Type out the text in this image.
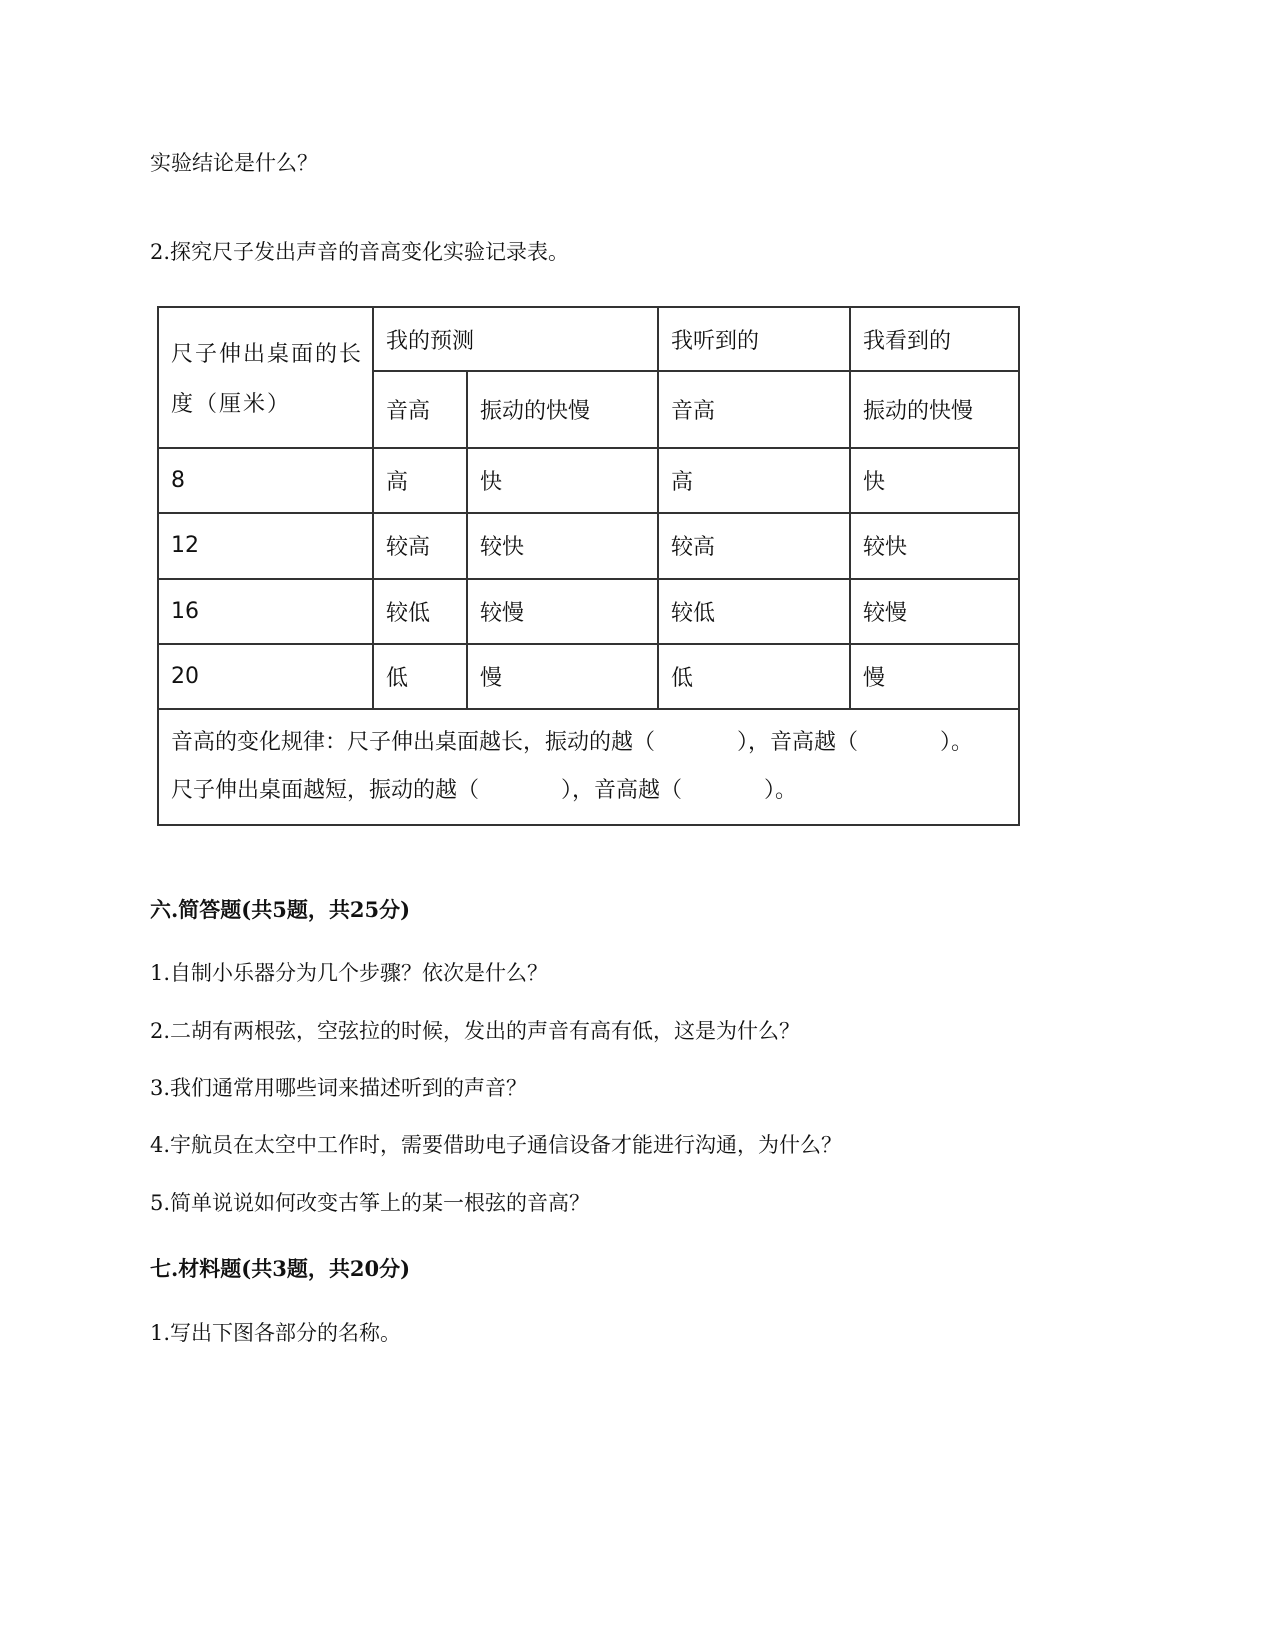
实验结论是什么？
2.探究尺子发出声音的音高变化实验记录表。
尺子伸出桌面的长度（厘米）	我的预测		我听到的	我看到的
	音高	振动的快慢	音高	振动的快慢
8	高	快	高	快
12	较高	较快	较高	较快
16	较低	较慢	较低	较慢
20	低	慢	低	慢

音高的变化规律：尺子伸出桌面越长，振动的越（ ），音高越（ ）。
尺子伸出桌面越短，振动的越（ ），音高越（ ）。				
六.简答题(共5题，共25分)
1.自制小乐器分为几个步骤？依次是什么？
2.二胡有两根弦，空弦拉的时候，发出的声音有高有低，这是为什么？
3.我们通常用哪些词来描述听到的声音？
4.宇航员在太空中工作时，需要借助电子通信设备才能进行沟通，为什么？
5.简单说说如何改变古筝上的某一根弦的音高？
七.材料题(共3题，共20分)
1.写出下图各部分的名称。
